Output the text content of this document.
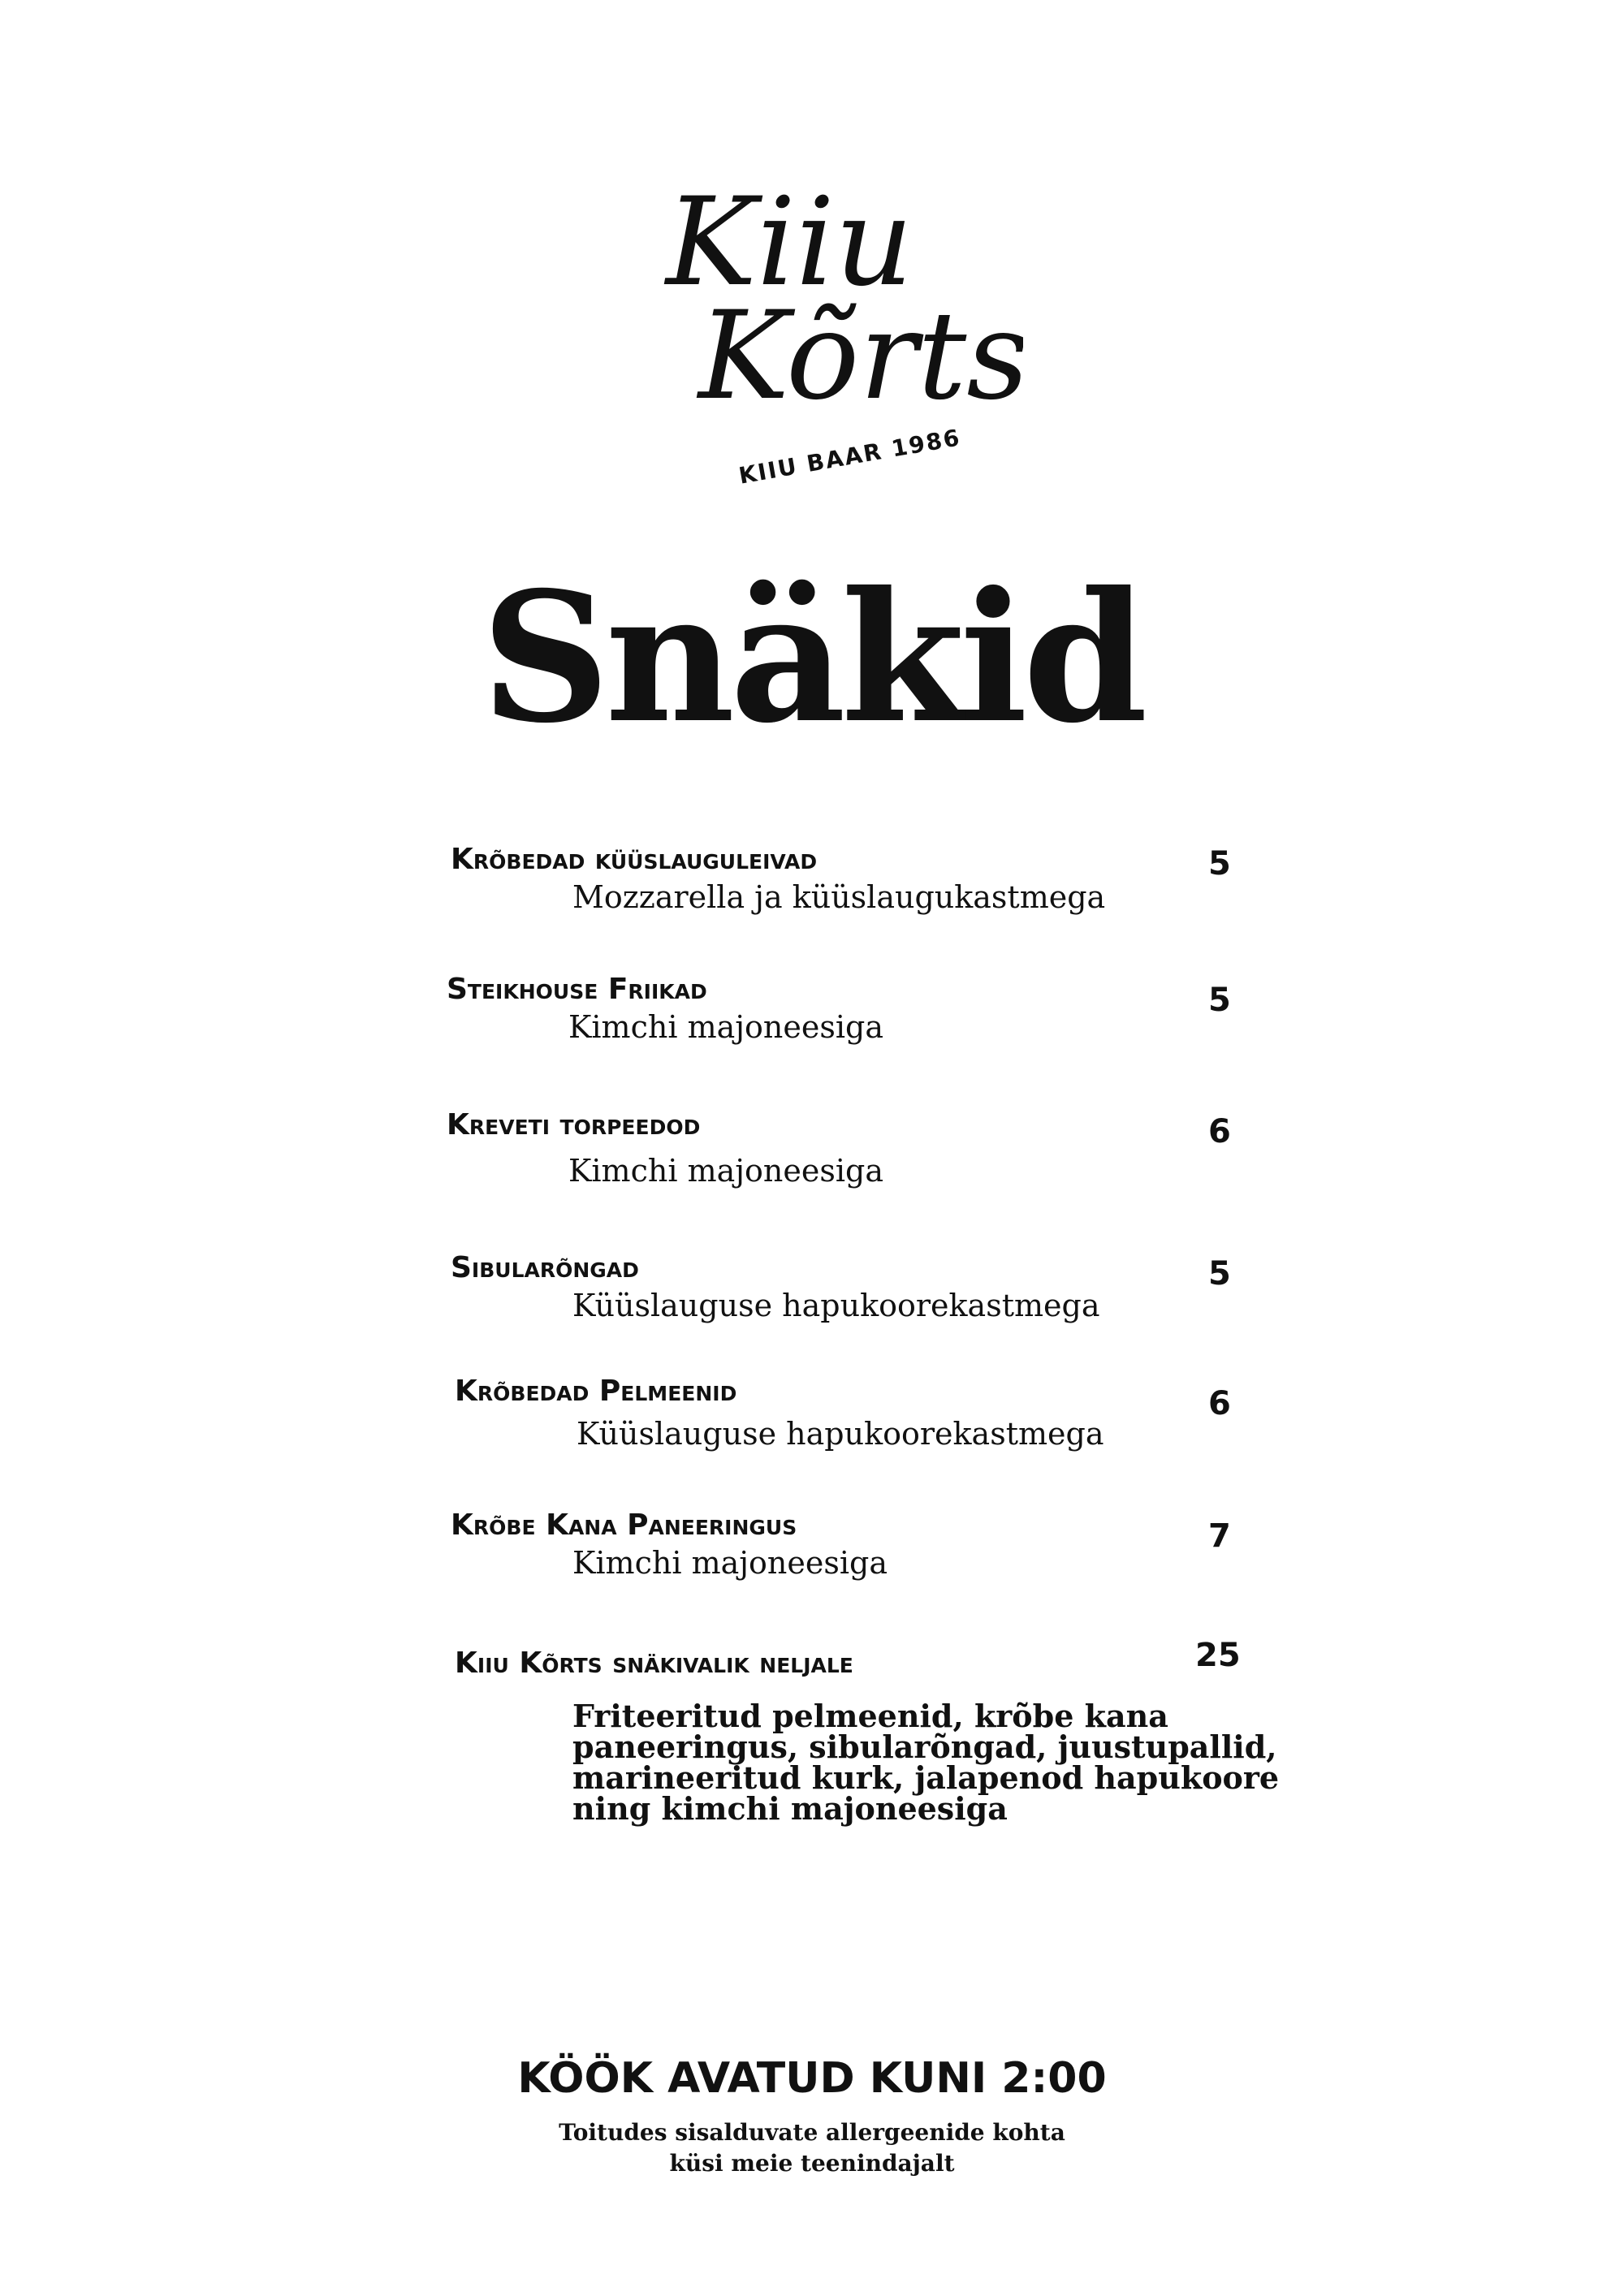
Kiiu
Kõrts
KIIU BAAR 1986
Snäkid
Krõbedad küüslauguleivad
Mozzarella ja küüslaugukastmega
5
Steikhouse Friikad
Kimchi majoneesiga
5
Kreveti torpeedod
Kimchi majoneesiga
6
Sibularõngad
Küüslauguse hapukoorekastmega
5
Krõbedad Pelmeenid
Küüslauguse hapukoorekastmega
6
Krõbe Kana Paneeringus
Kimchi majoneesiga
7
Kiiu Kõrts snäkivalik neljale
Friteeritud pelmeenid, krõbe kana paneeringus, sibularõngad, juustupallid, marineeritud kurk, jalapenod hapukoore ning kimchi majoneesiga
25
KÖÖK AVATUD KUNI 2:00
Toitudes sisalduvate allergeenide kohta
küsi meie teenindajalt
